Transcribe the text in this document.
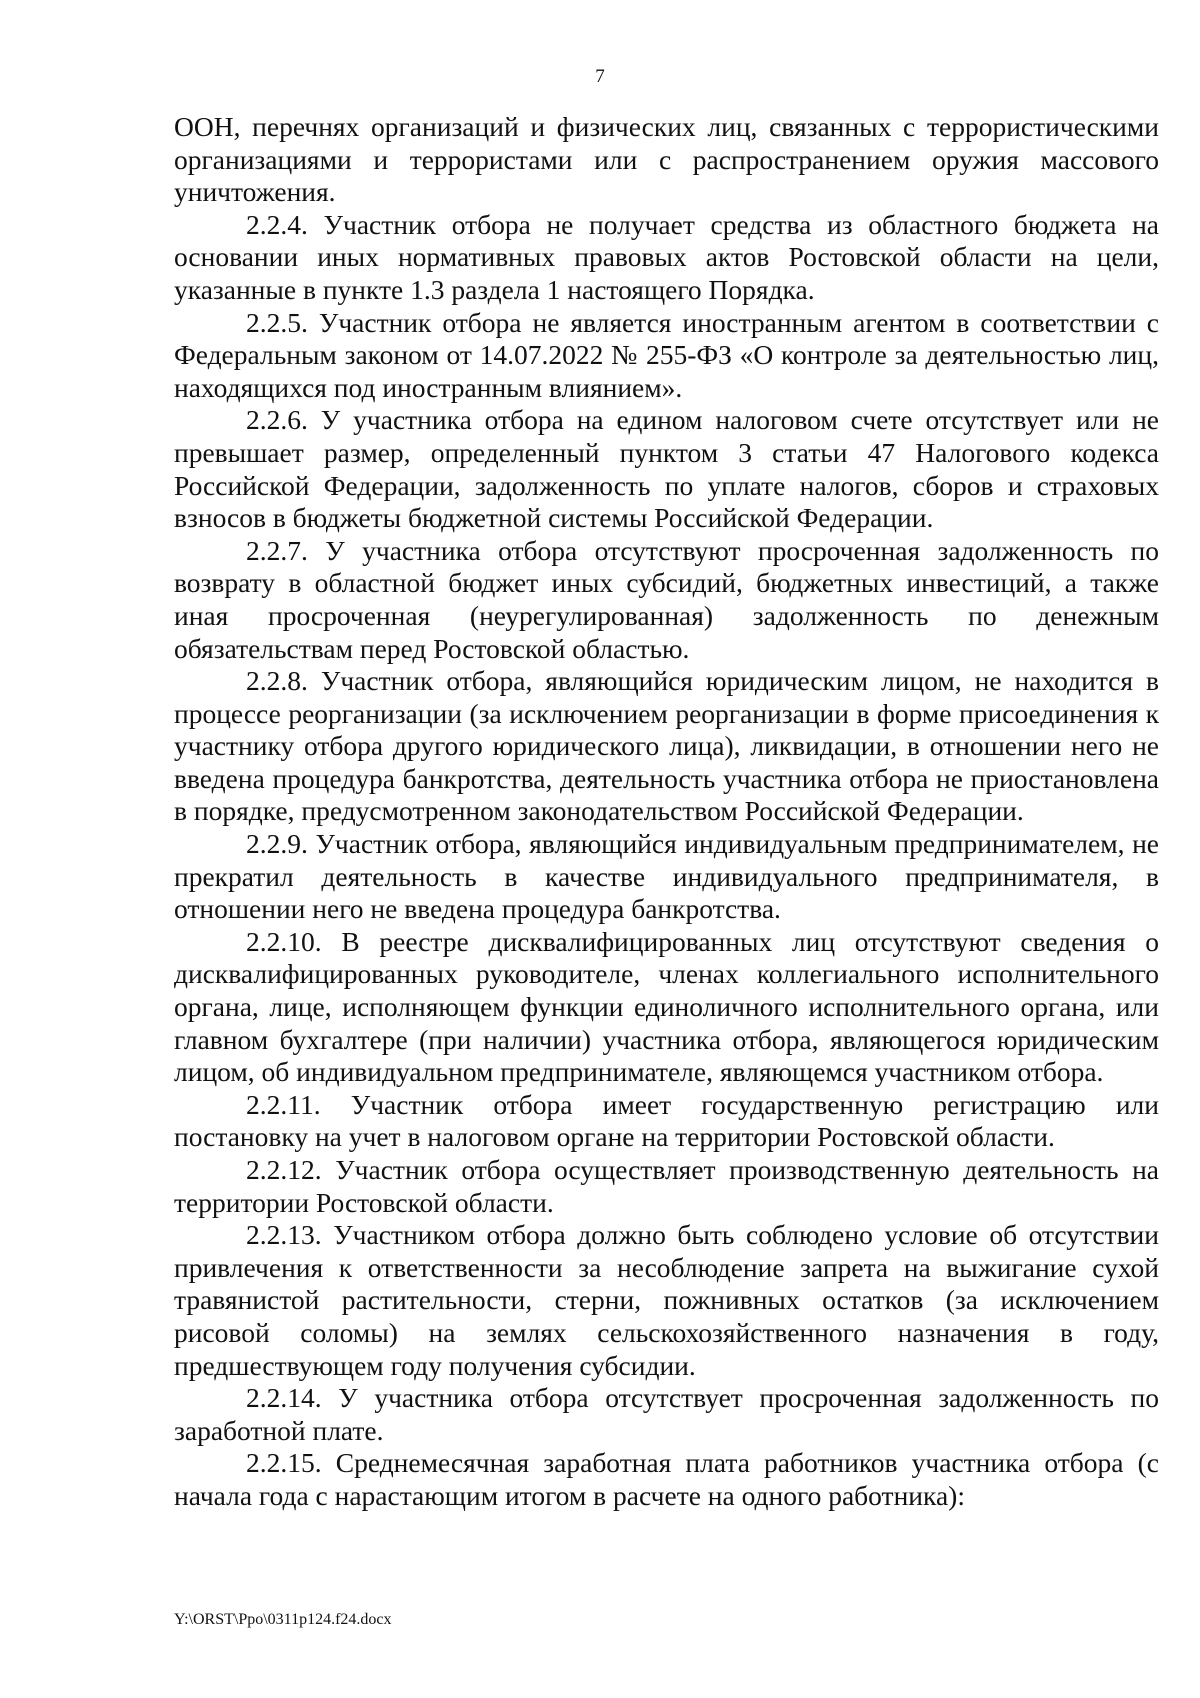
7

ООН, перечнях организаций и физических лиц, связанных с террористическими организациями и террористами или с распространением оружия массового уничтожения.

2.2.4. Участник отбора не получает средства из областного бюджета на основании иных нормативных правовых актов Ростовской области на цели, указанные в пункте 1.3 раздела 1 настоящего Порядка.

2.2.5. Участник отбора не является иностранным агентом в соответствии с Федеральным законом от 14.07.2022 № 255-ФЗ «О контроле за деятельностью лиц, находящихся под иностранным влиянием».

2.2.6. У участника отбора на едином налоговом счете отсутствует или не превышает размер, определенный пунктом 3 статьи 47 Налогового кодекса Российской Федерации, задолженность по уплате налогов, сборов и страховых взносов в бюджеты бюджетной системы Российской Федерации.

2.2.7. У участника отбора отсутствуют просроченная задолженность по возврату в областной бюджет иных субсидий, бюджетных инвестиций, а также иная просроченная (неурегулированная) задолженность по денежным обязательствам перед Ростовской областью.

2.2.8. Участник отбора, являющийся юридическим лицом, не находится в процессе реорганизации (за исключением реорганизации в форме присоединения к участнику отбора другого юридического лица), ликвидации, в отношении него не введена процедура банкротства, деятельность участника отбора не приостановлена в порядке, предусмотренном законодательством Российской Федерации.

2.2.9. Участник отбора, являющийся индивидуальным предпринимателем, не прекратил деятельность в качестве индивидуального предпринимателя, в отношении него не введена процедура банкротства.

2.2.10. В реестре дисквалифицированных лиц отсутствуют сведения о дисквалифицированных руководителе, членах коллегиального исполнительного органа, лице, исполняющем функции единоличного исполнительного органа, или главном бухгалтере (при наличии) участника отбора, являющегося юридическим лицом, об индивидуальном предпринимателе, являющемся участником отбора.

2.2.11. Участник отбора имеет государственную регистрацию или постановку на учет в налоговом органе на территории Ростовской области.

2.2.12. Участник отбора осуществляет производственную деятельность на территории Ростовской области.

2.2.13. Участником отбора должно быть соблюдено условие об отсутствии привлечения к ответственности за несоблюдение запрета на выжигание сухой травянистой растительности, стерни, пожнивных остатков (за исключением рисовой соломы) на землях сельскохозяйственного назначения в году, предшествующем году получения субсидии.

2.2.14. У участника отбора отсутствует просроченная задолженность по заработной плате.

2.2.15. Среднемесячная заработная плата работников участника отбора (с начала года с нарастающим итогом в расчете на одного работника):

Y:\ORST\Ppo\0311p124.f24.docx
